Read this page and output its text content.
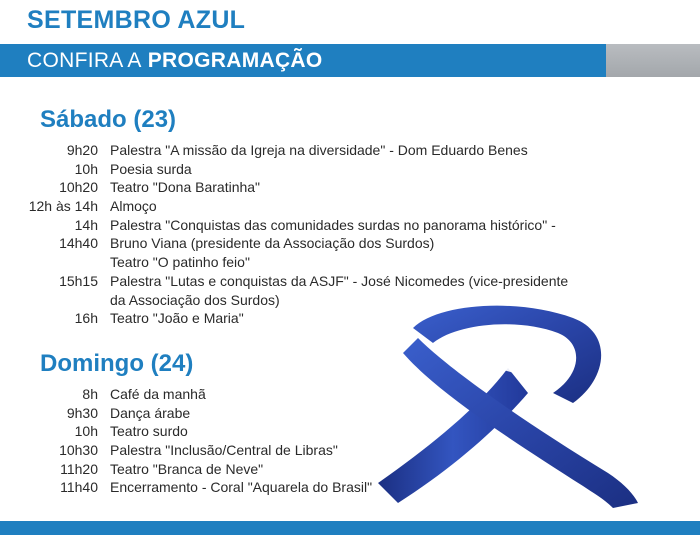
SETEMBRO AZUL
CONFIRA A PROGRAMAÇÃO
Sábado (23)
9h20 Palestra "A missão da Igreja na diversidade" - Dom Eduardo Benes
10h Poesia surda
10h20 Teatro "Dona Baratinha"
12h às 14h Almoço
14h Palestra "Conquistas das comunidades surdas no panorama histórico" -
14h40 Bruno Viana (presidente da Associação dos Surdos)
Teatro "O patinho feio"
15h15 Palestra "Lutas e conquistas da ASJF" - José Nicomedes (vice-presidente
da Associação dos Surdos)
16h Teatro "João e Maria"
Domingo (24)
8h Café da manhã
9h30 Dança árabe
10h Teatro surdo
10h30 Palestra "Inclusão/Central de Libras"
11h20 Teatro "Branca de Neve"
11h40 Encerramento - Coral "Aquarela do Brasil"
